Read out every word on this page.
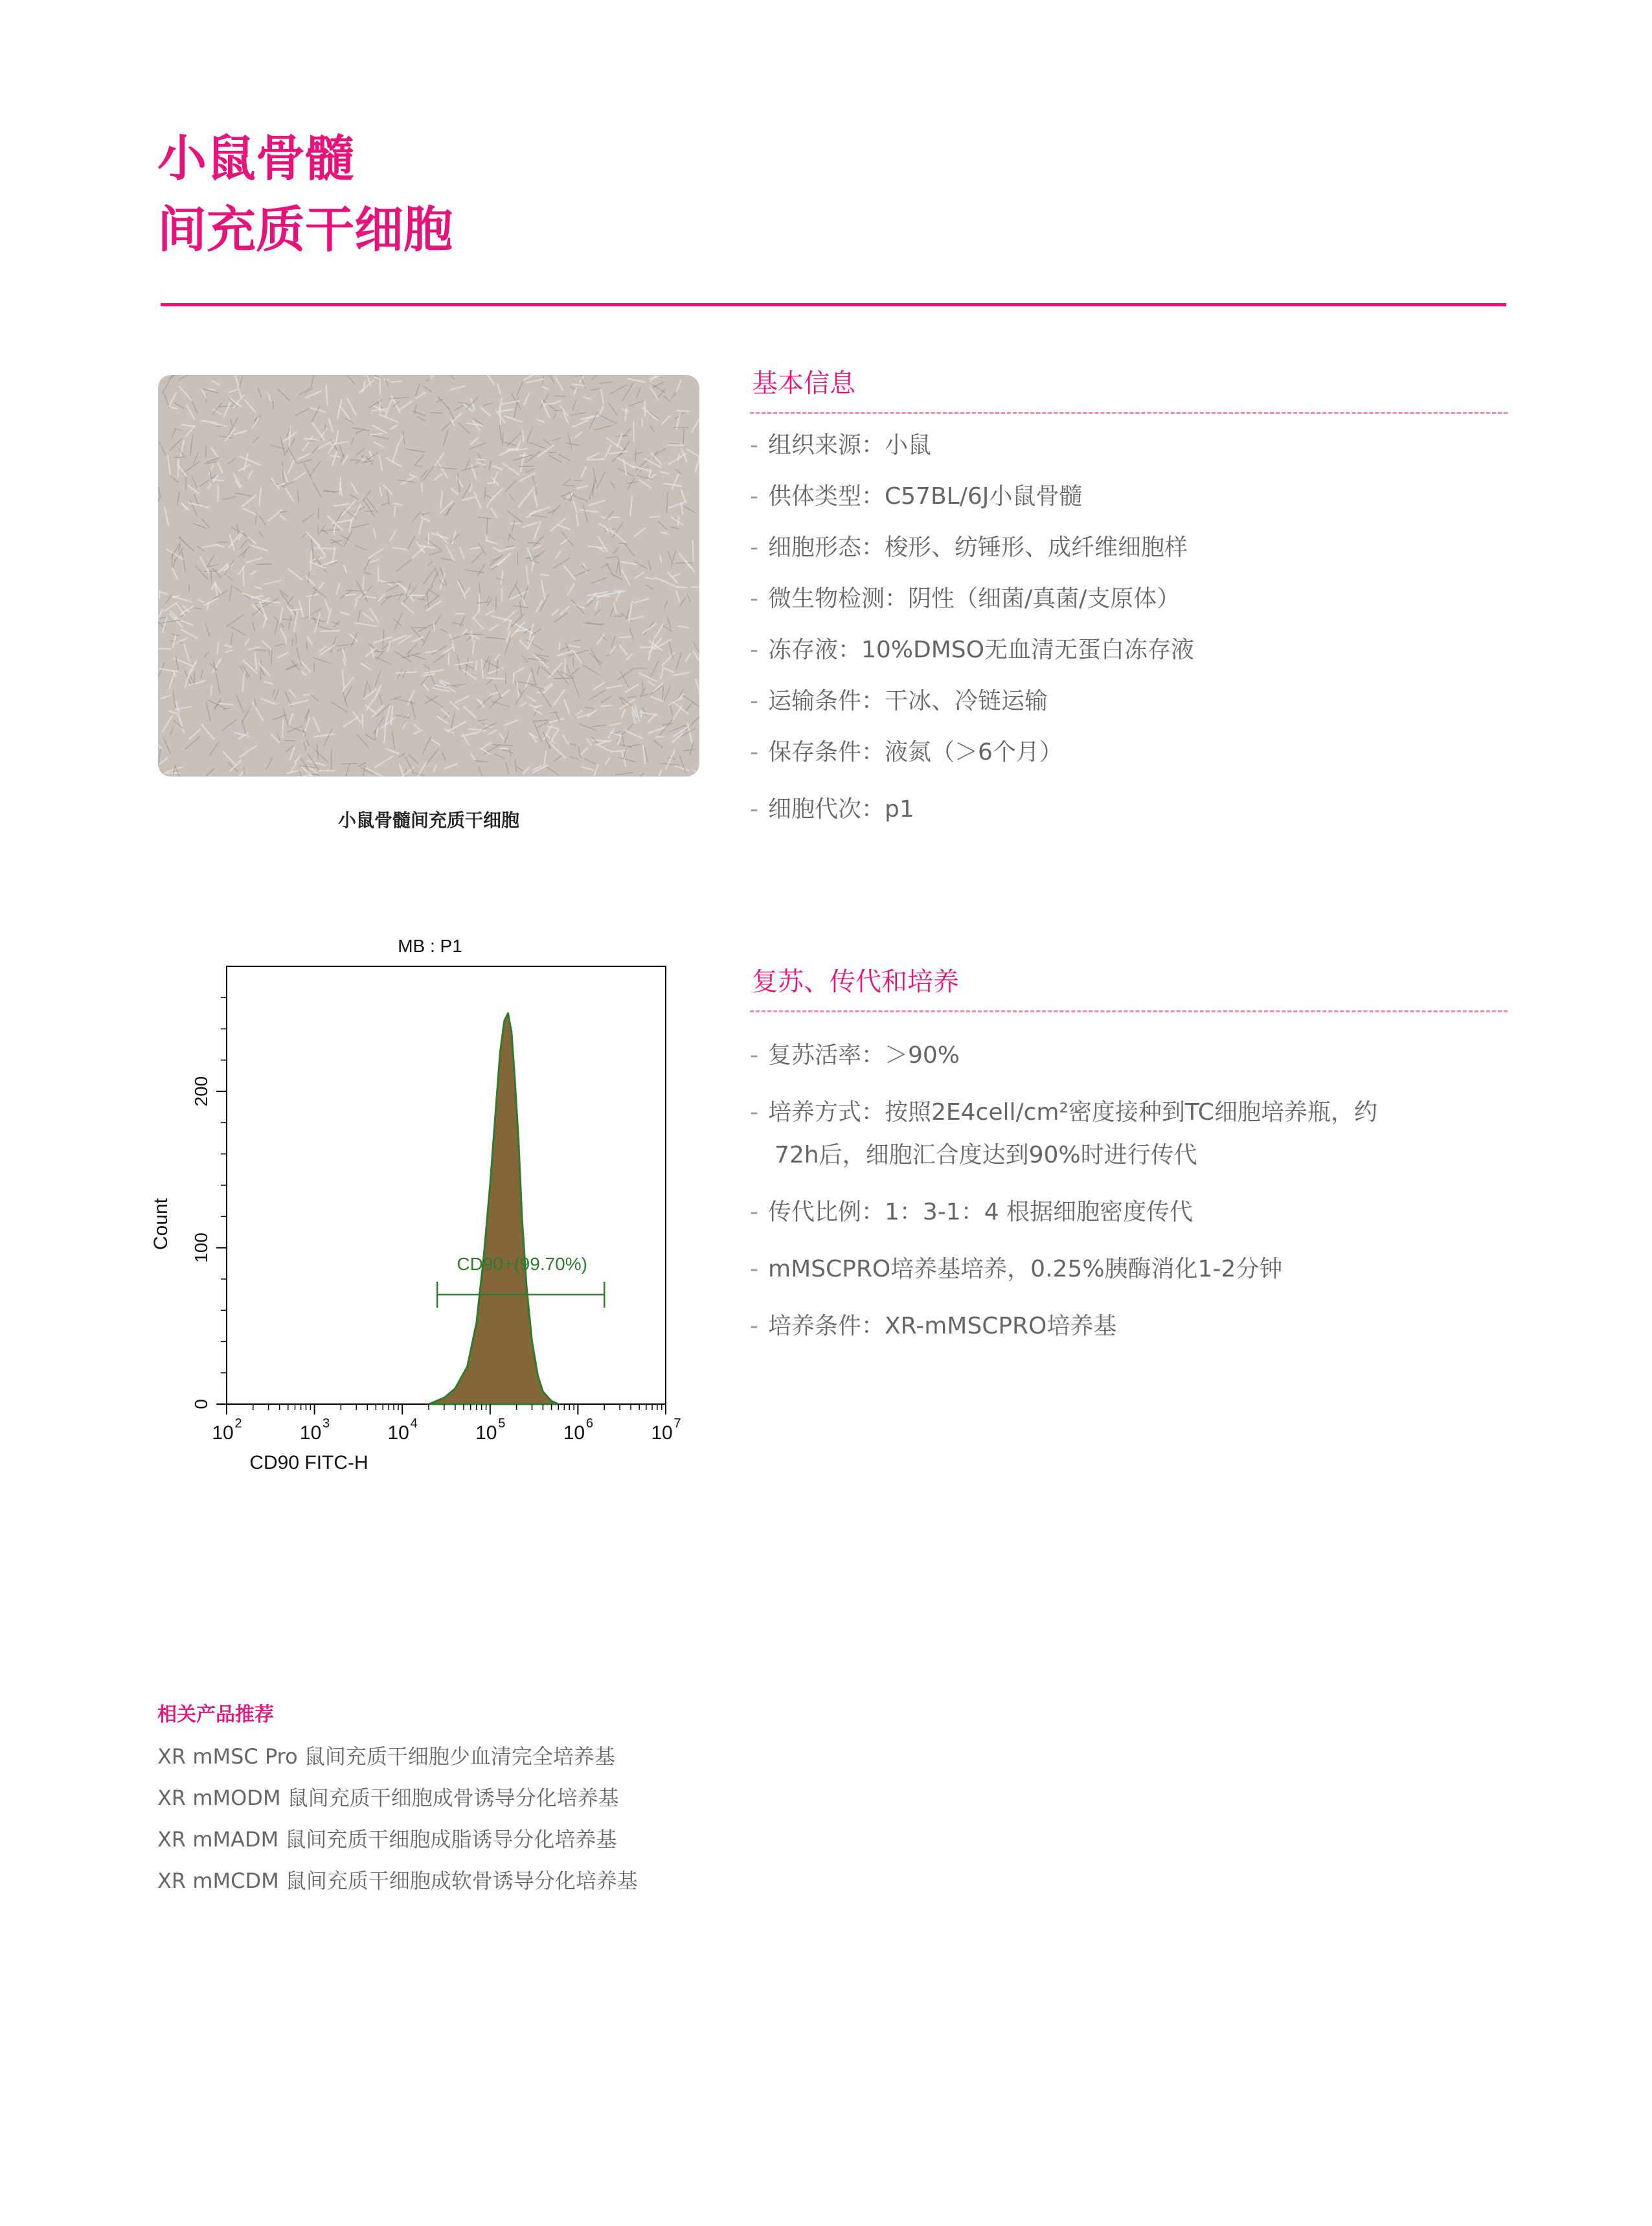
小鼠骨髓
间充质干细胞
小鼠骨髓间充质干细胞
基本信息
- 组织来源：小鼠
- 供体类型：C57BL/6J小鼠骨髓
- 细胞形态：梭形、纺锤形、成纤维细胞样
- 微生物检测：阴性（细菌/真菌/支原体）
- 冻存液：10%DMSO无血清无蛋白冻存液
- 运输条件：干冰、冷链运输
- 保存条件：液氮（＞6个月）
- 细胞代次：p1
复苏、传代和培养
- 复苏活率：＞90%
- 培养方式：按照2E4cell/cm²密度接种到TC细胞培养瓶，约
72h后，细胞汇合度达到90%时进行传代
- 传代比例：1：3-1：4 根据细胞密度传代
- mMSCPRO培养基培养，0.25%胰酶消化1-2分钟
- 培养条件：XR-mMSCPRO培养基
MB : P1
CD90+(99.70%)
10 2	10 3	10 4	10 5	10 6	10 7
0
100
200
CD90 FITC-H
Count
相关产品推荐
XR mMSC Pro 鼠间充质干细胞少血清完全培养基
XR mMODM 鼠间充质干细胞成骨诱导分化培养基
XR mMADM 鼠间充质干细胞成脂诱导分化培养基
XR mMCDM 鼠间充质干细胞成软骨诱导分化培养基
